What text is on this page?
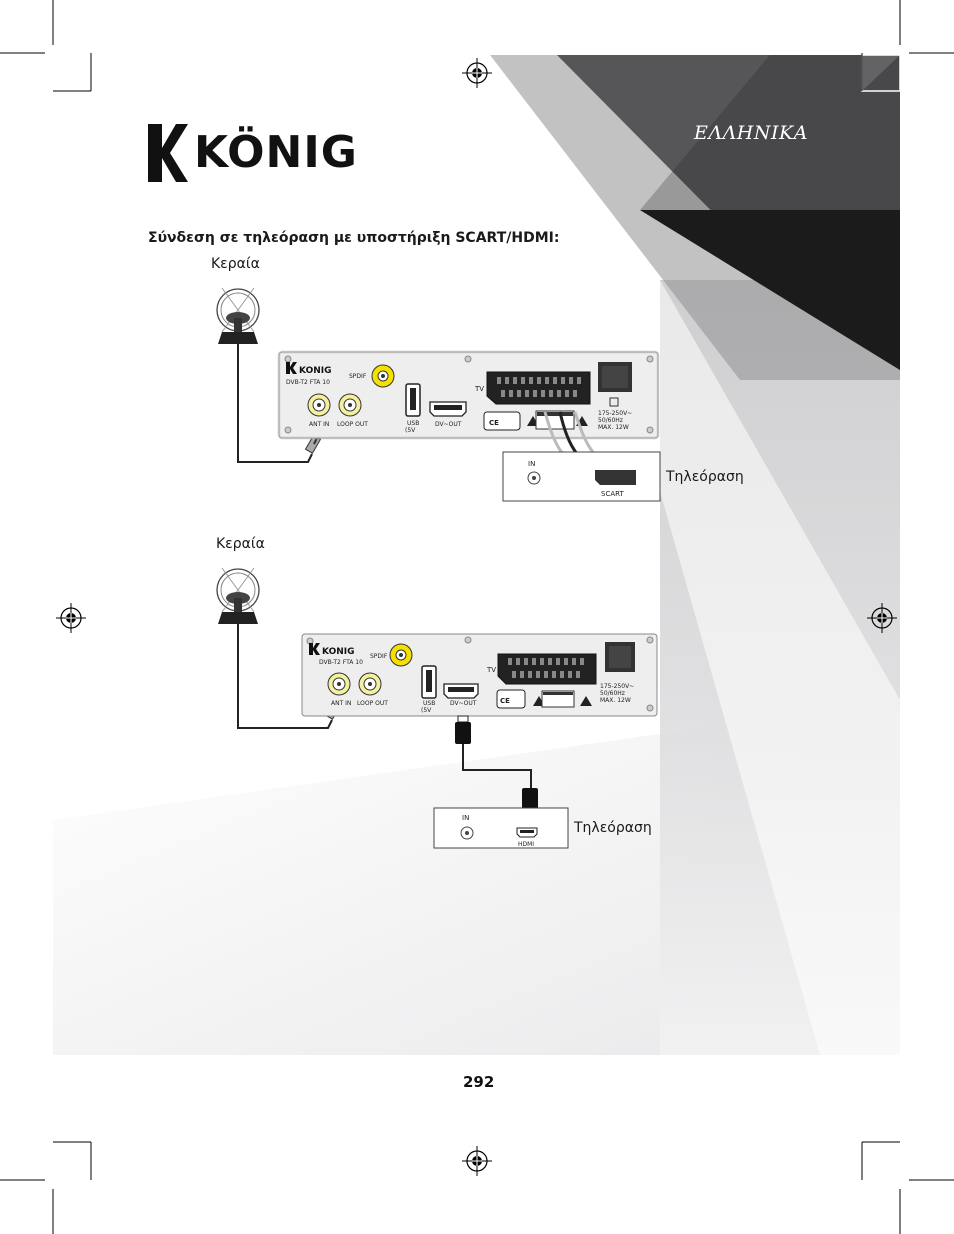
KÖNIG	ΕΛΛΗΝΙΚΑ
Σύνδεση σε τηλεόραση με υποστήριξη SCART/HDMI:
Κεραία
KONIG
DVB-T2 FTA 10
SPDIF
ANT IN LOOP OUT	USB
(5V
DV~OUT
TV
CE
175-250V~
50/60Hz
MAX. 12W
IN
SCART
Τηλεόραση
Κεραία
KONIG
DVB-T2 FTA 10
SPDIF
ANT IN LOOP OUT	USB
(5V
DV~OUT
TV
CE
175-250V~
50/60Hz
MAX. 12W
IN
HDMI
Τηλεόραση
292
